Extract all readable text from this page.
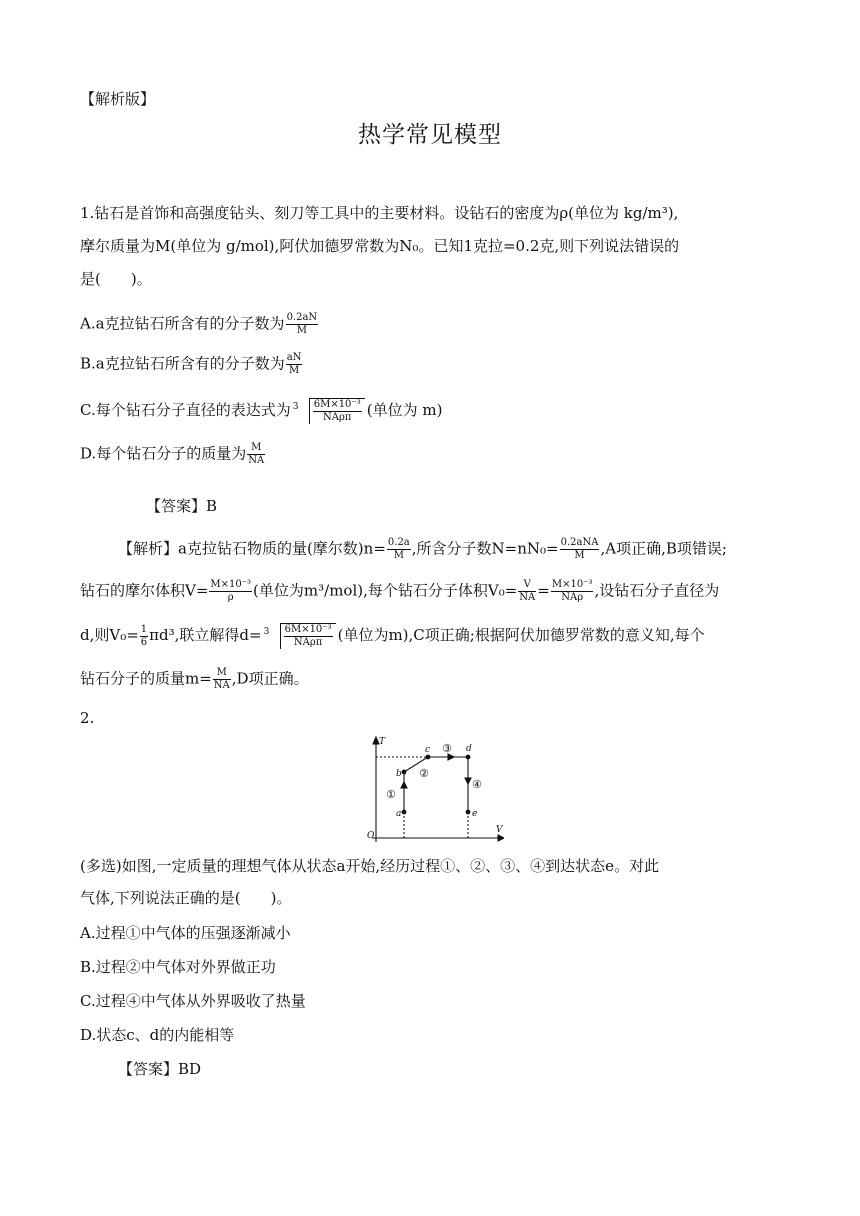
【解析版】
热学常见模型
1.钻石是首饰和高强度钻头、刻刀等工具中的主要材料。设钻石的密度为ρ(单位为 kg/m³),
摩尔质量为M(单位为 g/mol),阿伏加德罗常数为N₀。已知1克拉=0.2克,则下列说法错误的
是(　　)。
A.a克拉钻石所含有的分子数为 $\frac{0.2aN}{M}$
B.a克拉钻石所含有的分子数为 $\frac{aN}{M}$
C.每个钻石分子直径的表达式为 $3 \frac{\text{6M×10⁻³}}{\text{NAρπ}}$ (单位为 m)
D.每个钻石分子的质量为 $\frac{M}{NA}$
【答案】B
【解析】a克拉钻石物质的量(摩尔数)$n= \frac{0.2a}{M}$ ,所含分子数$N=nN_0= \frac{\text{0.2aNA}}{M} ,A$项正确,B项错误;
钻石的摩尔体积$V= \frac{\text{M×10⁻³}}{\rho}$ (单位为m³/mol),每个钻石分子体积$V_0= \frac{V}{NA} = \frac{\text{M×10⁻³}}{\text{NAρ}}$ ,设钻石分子直径为
d,则$V_0= \frac{1}{6} \pi d^3$,联立解得$d= 3 \frac{\text{6M×10⁻³}}{\text{NAρπ}}$ (单位为m),C项正确;根据阿伏加德罗常数的意义知,每个
钻石分子的质量$m= \frac{M}{NA} ,D$项正确。
2.
T
V
O
a
b
c	d
e
①
②
③
④
(多选)如图,一定质量的理想气体从状态a开始,经历过程①、②、③、④到达状态e。对此
气体,下列说法正确的是(　　)。
A.过程①中气体的压强逐渐减小
B.过程②中气体对外界做正功
C.过程④中气体从外界吸收了热量
D.状态c、d的内能相等
【答案】BD
